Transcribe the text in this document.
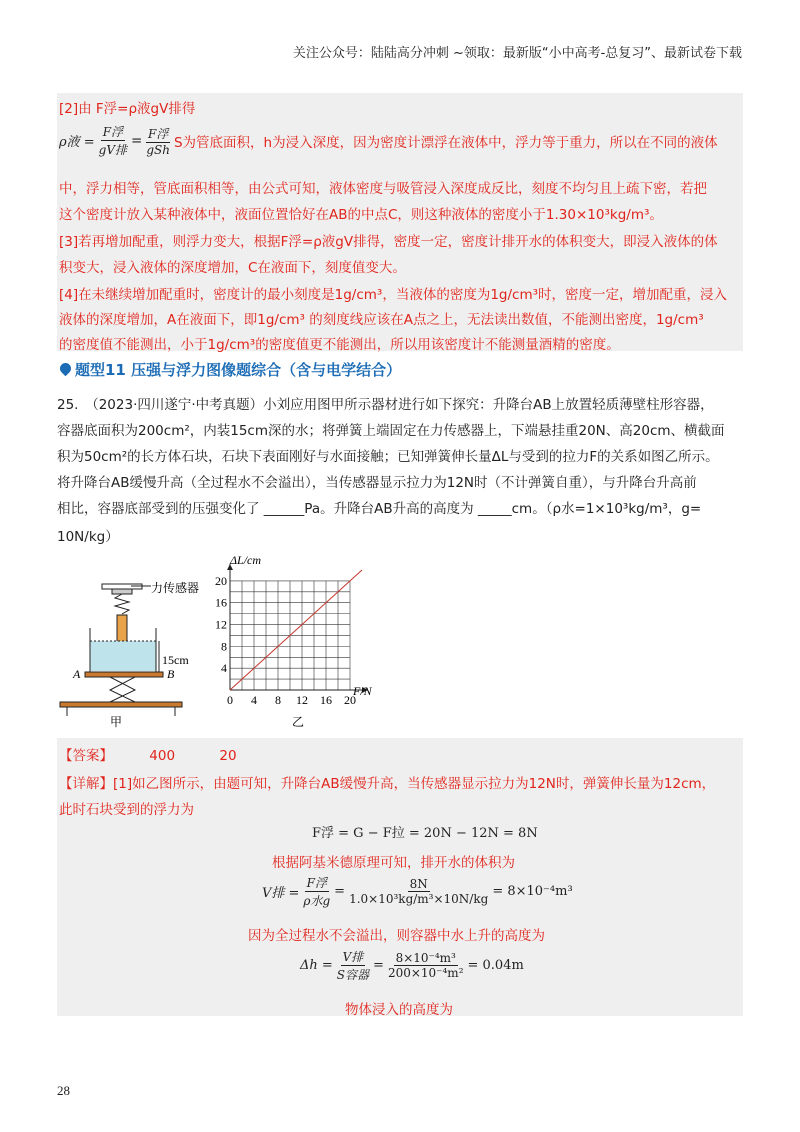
关注公众号：陆陆高分冲刺 ~领取：最新版“小中高考-总复习”、最新试卷下载
[2]由 F浮=ρ液gV排得
ρ液 = $\frac{\text{F浮}}{\text{gV排}} = \frac{\text{F浮}}{\text{gSh}}$ S为管底面积，h为浸入深度，因为密度计漂浮在液体中，浮力等于重力，所以在不同的液体
中，浮力相等，管底面积相等，由公式可知，液体密度与吸管浸入深度成反比，刻度不均匀且上疏下密，若把
这个密度计放入某种液体中，液面位置恰好在AB的中点C，则这种液体的密度小于1.30×10³kg/m³。
[3]若再增加配重，则浮力变大，根据F浮=ρ液gV排得，密度一定，密度计排开水的体积变大，即浸入液体的体
积变大，浸入液体的深度增加，C在液面下，刻度值变大。
[4]在未继续增加配重时，密度计的最小刻度是1g/cm³，当液体的密度为1g/cm³时，密度一定，增加配重，浸入
液体的深度增加，A在液面下，即1g/cm³ 的刻度线应该在A点之上，无法读出数值，不能测出密度，1g/cm³
的密度值不能测出，小于1g/cm³的密度值更不能测出，所以用该密度计不能测量酒精的密度。
题型11 压强与浮力图像题综合（含与电学结合）
25.　（2023·四川遂宁·中考真题）小刘应用图甲所示器材进行如下探究：升降台AB上放置轻质薄壁柱形容器，
容器底面积为200cm²，内装15cm深的水；将弹簧上端固定在力传感器上，下端悬挂重20N、高20cm、横截面
积为50cm²的长方体石块，石块下表面刚好与水面接触；已知弹簧伸长量ΔL与受到的拉力F的关系如图乙所示。
将升降台AB缓慢升高（全过程水不会溢出），当传感器显示拉力为12N时（不计弹簧自重），与升降台升高前
相比，容器底部受到的压强变化了 ______Pa。升降台AB升高的高度为 _____cm。（ρ水=1×10³kg/m³，g=
10N/kg）
力传感器
15cm
A	B
甲
0 4 8 12 16 20
4
8
12
16
20
ΔL/cm
F/N
乙
【答案】	400	20
【详解】[1]如乙图所示，由题可知，升降台AB缓慢升高，当传感器显示拉力为12N时，弹簧伸长量为12cm，
此时石块受到的浮力为
F浮 = G − F拉 = 20N − 12N = 8N
根据阿基米德原理可知，排开水的体积为
V排 = $\frac{\text{F浮}}{\text{ρ水g}} = \frac{8N}{\text{1.0×10³kg/m³×10N/kg}} = 8\times 10^{-4}m^3$
因为全过程水不会溢出，则容器中水上升的高度为
$\Delta h = \frac{\text{V排}}{\text{S容器}} = \frac{\text{8×10⁻⁴m³}}{\text{200×10⁻⁴m²}} = 0.04m$
物体浸入的高度为
28
